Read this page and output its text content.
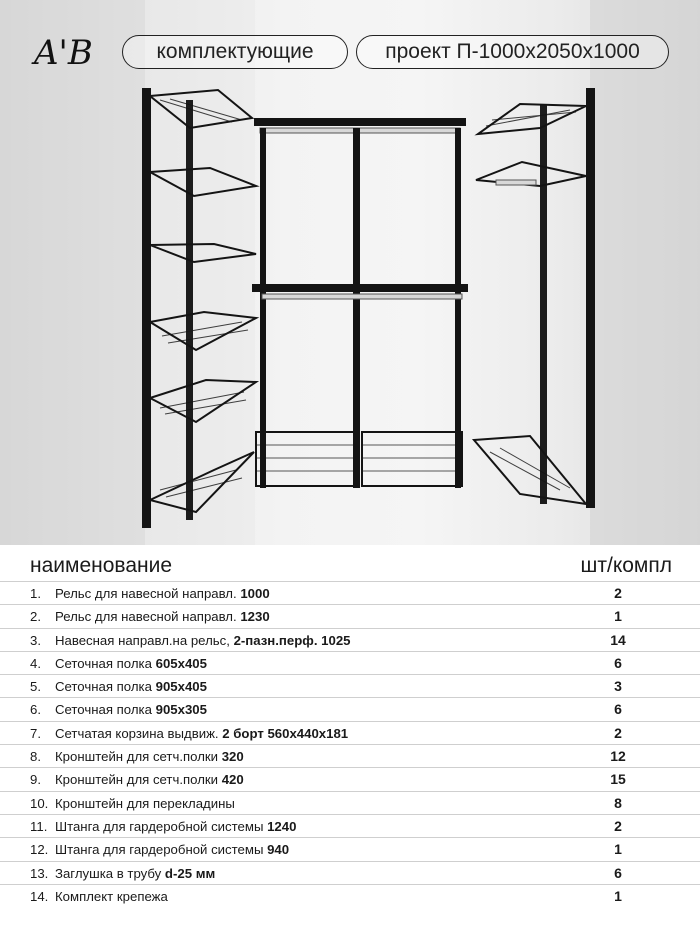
A'B	комплектующие	проект П-1000х2050х1000
наименование	шт/компл
1.	Рельс для навесной направл. 1000	2
2.	Рельс для навесной направл. 1230	1
3.	Навесная направл.на рельс, 2-пазн.перф. 1025	14
4.	Сеточная полка 605х405	6
5.	Сеточная полка 905х405	3
6.	Сеточная полка 905х305	6
7.	Сетчатая корзина выдвиж. 2 борт 560х440х181	2
8.	Кронштейн для сетч.полки 320	12
9.	Кронштейн для сетч.полки 420	15
10. Кронштейн для перекладины	8
11. Штанга для гардеробной системы 1240	2
12. Штанга для гардеробной системы 940	1
13. Заглушка в трубу d-25 мм	6
14. Комплект крепежа	1
